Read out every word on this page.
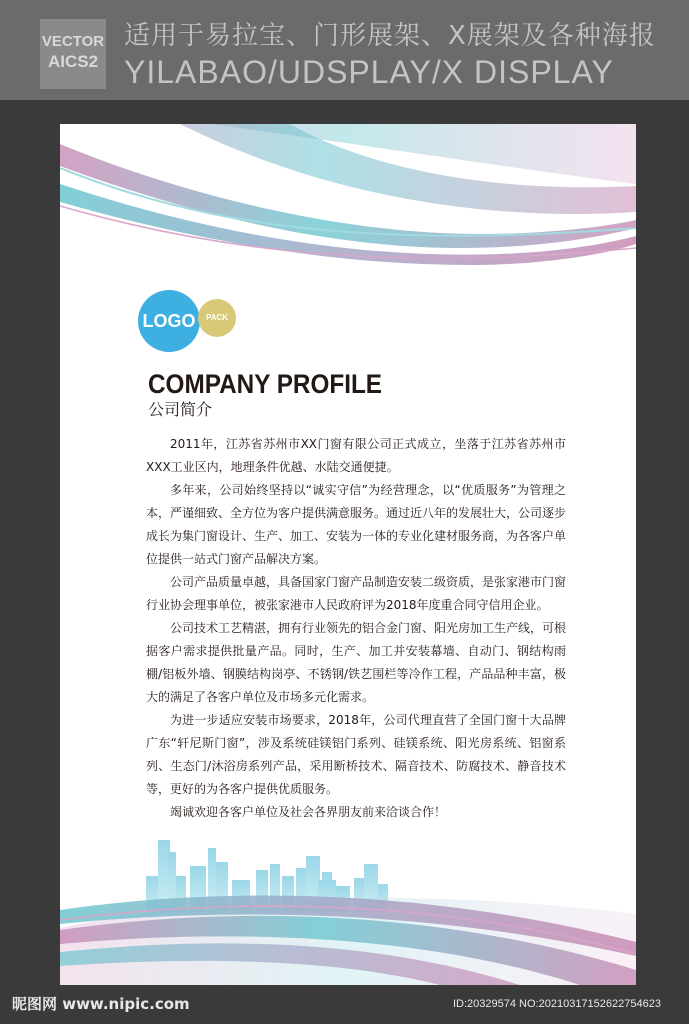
VECTOR
AICS2
适用于易拉宝、门形展架、X展架及各种海报
YILABAO/UDSPLAY/X DISPLAY
LOGO	PACK
COMPANY PROFILE
公司简介

2011年，江苏省苏州市XX门窗有限公司正式成立，坐落于江苏省苏州市XXX工业区内，地理条件优越、水陆交通便捷。

多年来，公司始终坚持以“诚实守信”为经营理念，以“优质服务”为管理之本，严谨细致、全方位为客户提供满意服务。通过近八年的发展壮大，公司逐步成长为集门窗设计、生产、加工、安装为一体的专业化建材服务商，为各客户单位提供一站式门窗产品解决方案。

公司产品质量卓越，具备国家门窗产品制造安装二级资质，是张家港市门窗行业协会理事单位，被张家港市人民政府评为2018年度重合同守信用企业。

公司技术工艺精湛，拥有行业领先的铝合金门窗、阳光房加工生产线，可根据客户需求提供批量产品。同时，生产、加工并安装幕墙、自动门、钢结构雨棚/铝板外墙、钢膜结构岗亭、不锈钢/铁艺围栏等冷作工程，产品品种丰富，极大的满足了各客户单位及市场多元化需求。

为进一步适应安装市场要求，2018年，公司代理直营了全国门窗十大品牌广东“轩尼斯门窗”，涉及系统硅镁铝门系列、硅镁系统、阳光房系统、铝窗系列、生态门/沐浴房系列产品，采用断桥技术、隔音技术、防腐技术、静音技术等，更好的为各客户提供优质服务。

竭诚欢迎各客户单位及社会各界朋友前来洽谈合作！

昵图网 www.nipic.com	ID:20329574 NO:20210317152622754623
